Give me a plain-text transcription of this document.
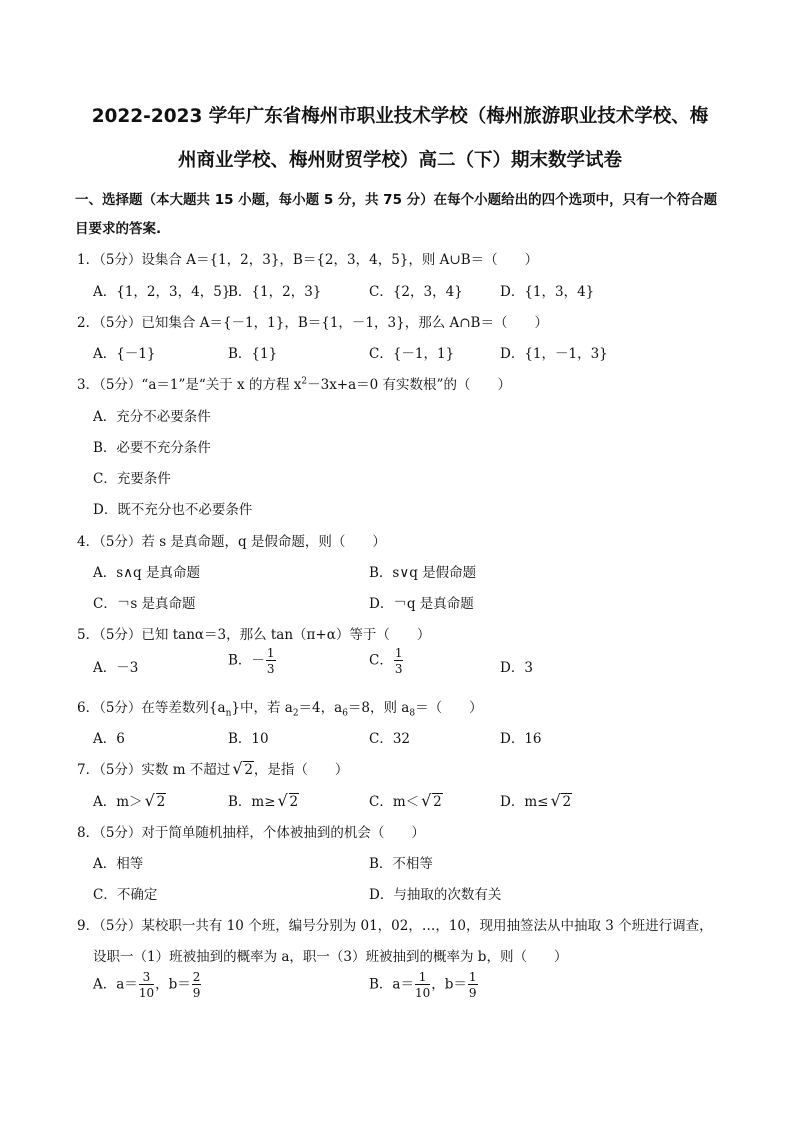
2022-2023 学年广东省梅州市职业技术学校（梅州旅游职业技术学校、梅
州商业学校、梅州财贸学校）高二（下）期末数学试卷
一、选择题（本大题共 15 小题，每小题 5 分，共 75 分）在每个小题给出的四个选项中，只有一个符合题
目要求的答案.
1．（5分）设集合 A＝{1，2，3}，B＝{2，3，4，5}，则 A∪B＝（　　）
A．{1，2，3，4，5}
B．{1，2，3}	C．{2，3，4}	D．{1，3，4}
2．（5分）已知集合 A＝{－1，1}，B＝{1，－1，3}，那么 A∩B＝（　　）
A．{－1}	B．{1}	C．{－1，1}	D．{1，－1，3}
3．（5分）“a＝1”是“关于 x 的方程 $x^2-3x+a=0$ 有实数根”的（　　）
A．充分不必要条件
B．必要不充分条件
C．充要条件
D．既不充分也不必要条件
4．（5分）若 s 是真命题，q 是假命题，则（　　）
A．s∧q 是真命题	B．s∨q 是假命题
C．￢s 是真命题	D．￢q 是真命题
5．（5分）已知 tanα＝3，那么 tan（π+α）等于（　　）
A．－3	B．－ $\frac{1}{3}$	C． $\frac{1}{3}$	D．3
6．（5分）在等差数列$\{a_n\}$中，若 $a_2=4$，$a_6=8$，则 $a_8=$（　　）
A．6	B．10	C．32	D．16
7．（5分）实数 m 不超过 √ 2，是指（　　）
A．m＞ √ 2	B．m≥ √ 2	C．m＜ √ 2	D．m≤ √ 2
8．（5分）对于简单随机抽样，个体被抽到的机会（　　）
A．相等	B．不相等
C．不确定	D．与抽取的次数有关
9．（5分）某校职一共有 10 个班，编号分别为 01，02，…，10，现用抽签法从中抽取 3 个班进行调查，
设职一（1）班被抽到的概率为 a，职一（3）班被抽到的概率为 b，则（　　）
A．$a= \frac{3}{10}$ ，$b= \frac{2}{9}$	B．$a= \frac{1}{10}$ ，$b= \frac{1}{9}$
